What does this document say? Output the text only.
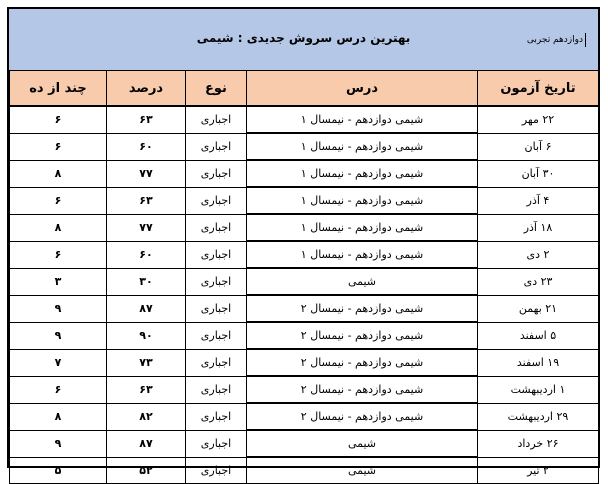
بهترین درس سروش جدیدی : شیمی	دوازدهم تجربی
تاریخ آزمون	درس	نوع	درصد	چند از ده
۲۲ مهر	شیمی دوازدهم - نیمسال ۱	اجباری	۶۳	۶
۶ آبان	شیمی دوازدهم - نیمسال ۱	اجباری	۶۰	۶
۳۰ آبان	شیمی دوازدهم - نیمسال ۱	اجباری	۷۷	۸
۴ آذر	شیمی دوازدهم - نیمسال ۱	اجباری	۶۳	۶
۱۸ آذر	شیمی دوازدهم - نیمسال ۱	اجباری	۷۷	۸
۲ دی	شیمی دوازدهم - نیمسال ۱	اجباری	۶۰	۶
۲۳ دی	شیمی	اجباری	۳۰	۳
۲۱ بهمن	شیمی دوازدهم - نیمسال ۲	اجباری	۸۷	۹
۵ اسفند	شیمی دوازدهم - نیمسال ۲	اجباری	۹۰	۹
۱۹ اسفند	شیمی دوازدهم - نیمسال ۲	اجباری	۷۳	۷
۱ اردیبهشت	شیمی دوازدهم - نیمسال ۲	اجباری	۶۳	۶
۲۹ اردیبهشت	شیمی دوازدهم - نیمسال ۲	اجباری	۸۲	۸
۲۶ خرداد	شیمی	اجباری	۸۷	۹
۲ تیر	شیمی	اجباری	۵۲	۵
